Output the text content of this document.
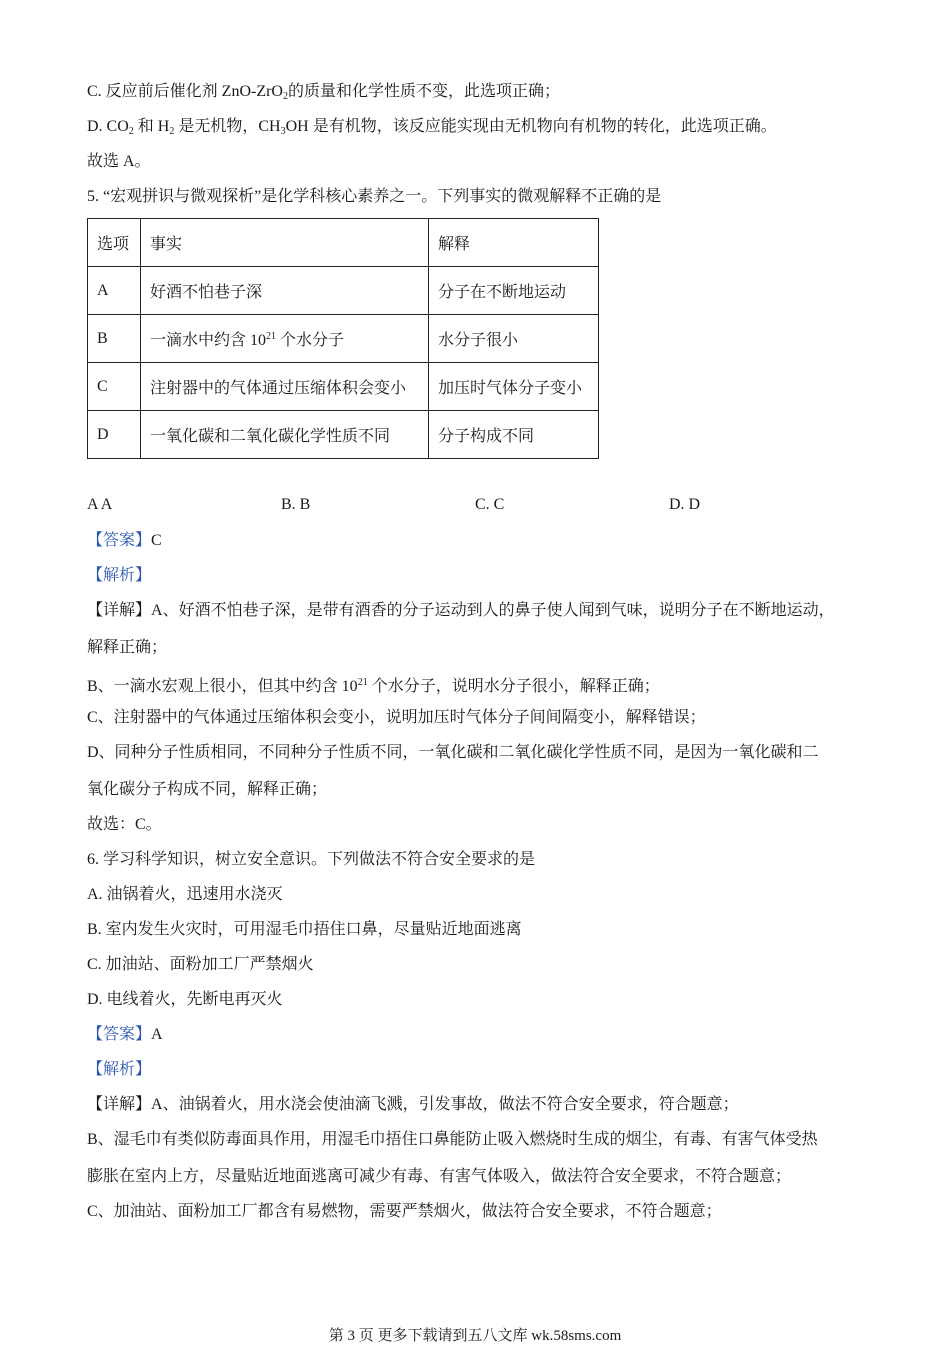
C. 反应前后催化剂 ZnO-ZrO$_2$的质量和化学性质不变，此选项正确；
D. $CO_2$ 和 $H_2$ 是无机物，$CH_3OH$ 是有机物，该反应能实现由无机物向有机物的转化，此选项正确。
故选 A。
5. “宏观拼识与微观探析”是化学科核心素养之一。下列事实的微观解释不正确的是
选项	事实	解释
A	好酒不怕巷子深	分子在不断地运动
B	一滴水中约含 $10^{21}$ 个水分子	水分子很小
C	注射器中的气体通过压缩体积会变小	加压时气体分子变小
D	一氧化碳和二氧化碳化学性质不同	分子构成不同
A A	B. B	C. C	D. D
【答案】C
【解析】
【详解】A、好酒不怕巷子深，是带有酒香的分子运动到人的鼻子使人闻到气味，说明分子在不断地运动，
解释正确；
B、一滴水宏观上很小，但其中约含 $10^{21}$ 个水分子，说明水分子很小，解释正确；
C、注射器中的气体通过压缩体积会变小，说明加压时气体分子间间隔变小，解释错误；
D、同种分子性质相同，不同种分子性质不同，一氧化碳和二氧化碳化学性质不同，是因为一氧化碳和二
氧化碳分子构成不同，解释正确；
故选：C。
6. 学习科学知识，树立安全意识。下列做法不符合安全要求的是
A. 油锅着火，迅速用水浇灭
B. 室内发生火灾时，可用湿毛巾捂住口鼻，尽量贴近地面逃离
C. 加油站、面粉加工厂严禁烟火
D. 电线着火，先断电再灭火
【答案】A
【解析】
【详解】A、油锅着火，用水浇会使油滴飞溅，引发事故，做法不符合安全要求，符合题意；
B、湿毛巾有类似防毒面具作用，用湿毛巾捂住口鼻能防止吸入燃烧时生成的烟尘，有毒、有害气体受热
膨胀在室内上方，尽量贴近地面逃离可减少有毒、有害气体吸入，做法符合安全要求，不符合题意；
C、加油站、面粉加工厂都含有易燃物，需要严禁烟火，做法符合安全要求，不符合题意；
第 3 页 更多下载请到五八文库 wk.58sms.com
